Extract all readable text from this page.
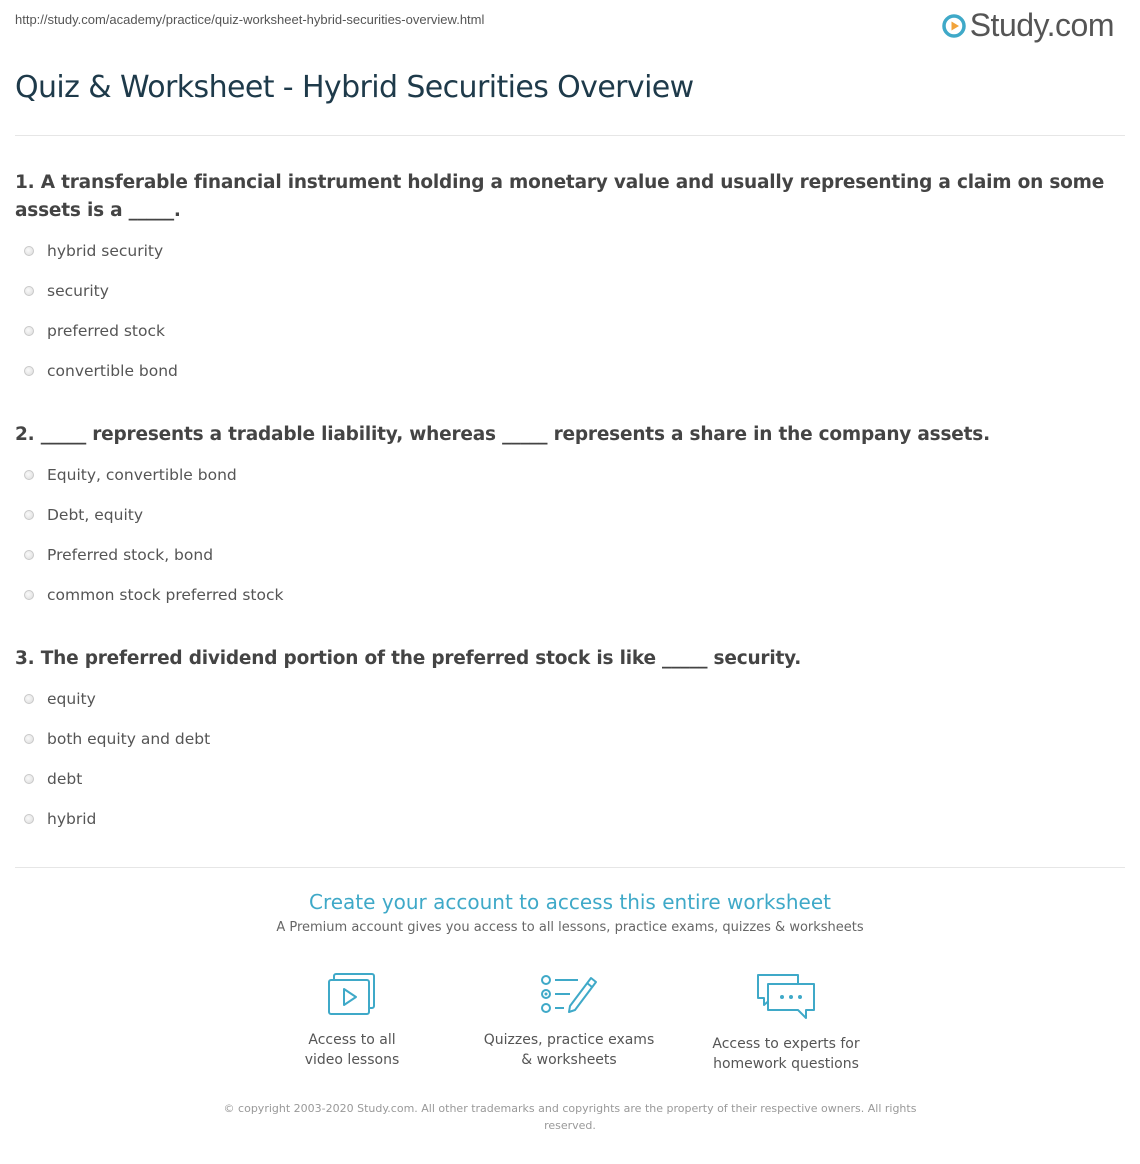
http://study.com/academy/practice/quiz-worksheet-hybrid-securities-overview.html	Study.com
Quiz & Worksheet - Hybrid Securities Overview
1. A transferable financial instrument holding a monetary value and usually representing a claim on some assets is a _____.
hybrid security
security
preferred stock
convertible bond
2. _____ represents a tradable liability, whereas _____ represents a share in the company assets.
Equity, convertible bond
Debt, equity
Preferred stock, bond
common stock preferred stock
3. The preferred dividend portion of the preferred stock is like _____ security.
equity
both equity and debt
debt
hybrid
Create your account to access this entire worksheet
A Premium account gives you access to all lessons, practice exams, quizzes & worksheets
Access to all
video lessons
Quizzes, practice exams
& worksheets
Access to experts for
homework questions
© copyright 2003-2020 Study.com. All other trademarks and copyrights are the property of their respective owners. All rights
reserved.
